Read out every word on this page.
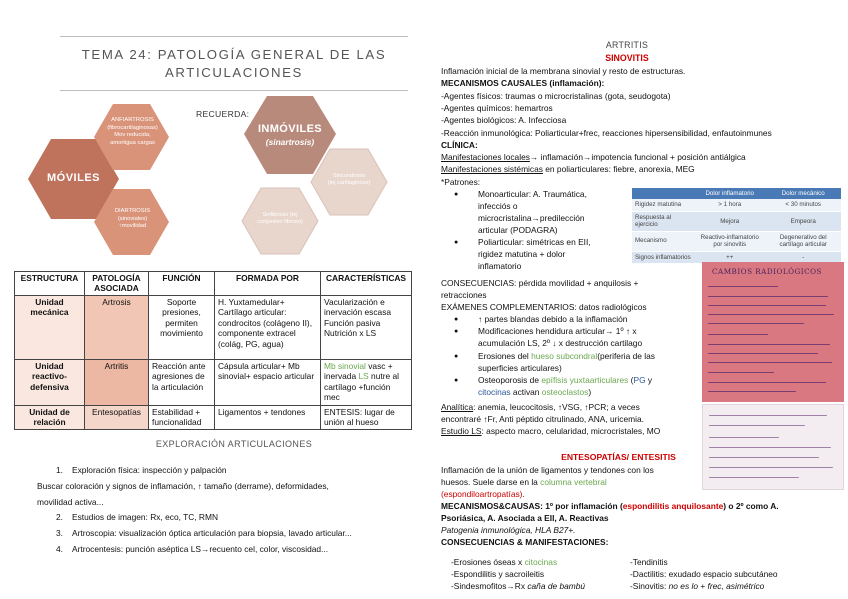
TEMA 24: PATOLOGÍA GENERAL DE LAS ARTICULACIONES
MÓVILES
ANFIARTROSIS
(fibrocartilaginosas)
Mov reducida,
amortigua cargas
DIARTROSIS
(sinoviales)
↑movilidad
RECUERDA:
INMÓVILES
(sinartrosis)
Sincondrosis
(tej cartilaginoso)
Sinfibrosis (tej
conjuntivo fibroso)
ESTRUCTURA	PATOLOGÍA ASOCIADA	FUNCIÓN	FORMADA POR	CARACTERÍSTICAS
Unidad mecánica	Artrosis	Soporte presiones, permiten movimiento	H. Yuxtamedular+ Cartílago articular: condrocitos (colágeno II), componente extracel (colág, PG, agua)	Vacularización e inervación escasa Función pasiva Nutrición x LS
Unidad reactivo-defensiva	Artritis	Reacción ante agresiones de la articulación	Cápsula articular+ Mb sinovial+ espacio articular	Mb sinovial vasc + inervada LS nutre al cartílago +función mec
Unidad de relación	Entesopatías	Estabilidad + funcionalidad	Ligamentos + tendones	ENTESIS: lugar de unión al hueso
EXPLORACIÓN ARTICULACIONES
1. Exploración física: inspección y palpación
Buscar coloración y signos de inflamación, ↑ tamaño (derrame), deformidades,
movilidad activa...
2. Estudios de imagen: Rx, eco, TC, RMN
3. Artroscopia: visualización óptica articulación para biopsia, lavado articular...
4. Artrocentesis: punción aséptica LS→recuento cel, color, viscosidad...
ARTRITIS
SINOVITIS
Inflamación inicial de la membrana sinovial y resto de estructuras.
MECANISMOS CAUSALES (inflamación):
-Agentes físicos: traumas o microcristalinas (gota, seudogota)
-Agentes químicos: hemartros
-Agentes biológicos: A. Infecciosa
-Reacción inmunológica: Poliarticular+frec, reacciones hipersensibilidad, enfautoinmunes
CLÍNICA:
Manifestaciones locales→ inflamación→impotencia funcional + posición antiálgica
Manifestaciones sistémicas en poliarticulares: fiebre, anorexia, MEG
*Patrones:
● Monoarticular: A. Traumática,
infecciós o
microcristalina→predilección
articular (PODAGRA)
● Poliarticular: simétricas en EII,
rigidez matutina + dolor
inflamatorio
CONSECUENCIAS: pérdida movilidad + anquilosis +
retracciones
EXÁMENES COMPLEMENTARIOS: datos radiológicos
● ↑ partes blandas debido a la inflamación
● Modificaciones hendidura articular→ 1º ↑ x
acumulación LS, 2º ↓ x destrucción cartilago
● Erosiones del hueso subcondral(periferia de las
superficies articulares)
● Osteoporosis de epífisis yuxtaarticulares (PG y
citocinas activan osteoclastos)
Analítica: anemia, leucocitosis, ↑VSG, ↑PCR; a veces
encontraré ↑Fr, Anti péptido citrulinado, ANA, uricemia.
Estudio LS: aspecto macro, celularidad, microcristales, MO
	Dolor inflamatorio	Dolor mecánico
Rigidez matutina	> 1 hora	< 30 minutos
Respuesta al ejercicio	Mejora	Empeora
Mecanismo	Reactivo-inflamatorio por sinovitis	Degenerativo del cartílago articular
Signos inflamatorios	++	-
CAMBIOS RADIOLÓGICOS
ENTESOPATÍAS/ ENTESITIS
Inflamación de la unión de ligamentos y tendones con los
huesos. Suele darse en la columna vertebral
(espondiloartropatías).
MECANISMOS&CAUSAS: 1º por inflamación (espondilitis anquilosante) o 2º como A.
Psoriásica, A. Asociada a EII, A. Reactivas
Patogenia inmunológica, HLA B27+.
CONSECUENCIAS & MANIFESTACIONES:
-Erosiones óseas x citocinas
-Espondilitis y sacroileitis
-Sindesmofitos→Rx caña de bambú
-Tendinitis
-Dactilitis: exudado espacio subcutáneo
-Sinovitis: no es lo + frec, asimétrico
